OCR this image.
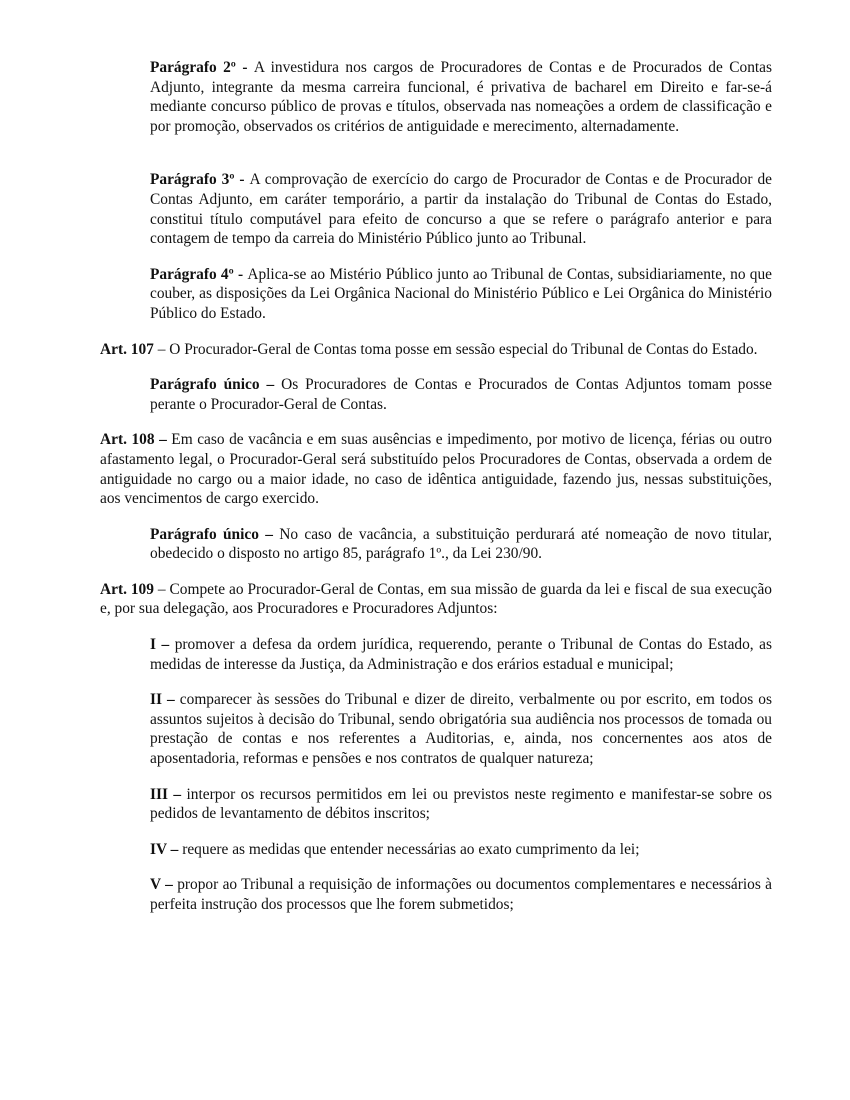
Parágrafo 2º - A investidura nos cargos de Procuradores de Contas e de Procurados de Contas Adjunto, integrante da mesma carreira funcional, é privativa de bacharel em Direito e far-se-á mediante concurso público de provas e títulos, observada nas nomeações a ordem de classificação e por promoção, observados os critérios de antiguidade e merecimento, alternadamente.

Parágrafo 3º - A comprovação de exercício do cargo de Procurador de Contas e de Procurador de Contas Adjunto, em caráter temporário, a partir da instalação do Tribunal de Contas do Estado, constitui título computável para efeito de concurso a que se refere o parágrafo anterior e para contagem de tempo da carreia do Ministério Público junto ao Tribunal.

Parágrafo 4º - Aplica-se ao Mistério Público junto ao Tribunal de Contas, subsidiariamente, no que couber, as disposições da Lei Orgânica Nacional do Ministério Público e Lei Orgânica do Ministério Público do Estado.

Art. 107 – O Procurador-Geral de Contas toma posse em sessão especial do Tribunal de Contas do Estado.

Parágrafo único – Os Procuradores de Contas e Procurados de Contas Adjuntos tomam posse perante o Procurador-Geral de Contas.

Art. 108 – Em caso de vacância e em suas ausências e impedimento, por motivo de licença, férias ou outro afastamento legal, o Procurador-Geral será substituído pelos Procuradores de Contas, observada a ordem de antiguidade no cargo ou a maior idade, no caso de idêntica antiguidade, fazendo jus, nessas substituições, aos vencimentos de cargo exercido.

Parágrafo único – No caso de vacância, a substituição perdurará até nomeação de novo titular, obedecido o disposto no artigo 85, parágrafo 1º., da Lei 230/90.

Art. 109 – Compete ao Procurador-Geral de Contas, em sua missão de guarda da lei e fiscal de sua execução e, por sua delegação, aos Procuradores e Procuradores Adjuntos:

I – promover a defesa da ordem jurídica, requerendo, perante o Tribunal de Contas do Estado, as medidas de interesse da Justiça, da Administração e dos erários estadual e municipal;

II – comparecer às sessões do Tribunal e dizer de direito, verbalmente ou por escrito, em todos os assuntos sujeitos à decisão do Tribunal, sendo obrigatória sua audiência nos processos de tomada ou prestação de contas e nos referentes a Auditorias, e, ainda, nos concernentes aos atos de aposentadoria, reformas e pensões e nos contratos de qualquer natureza;

III – interpor os recursos permitidos em lei ou previstos neste regimento e manifestar-se sobre os pedidos de levantamento de débitos inscritos;

IV – requere as medidas que entender necessárias ao exato cumprimento da lei;

V – propor ao Tribunal a requisição de informações ou documentos complementares e necessários à perfeita instrução dos processos que lhe forem submetidos;
